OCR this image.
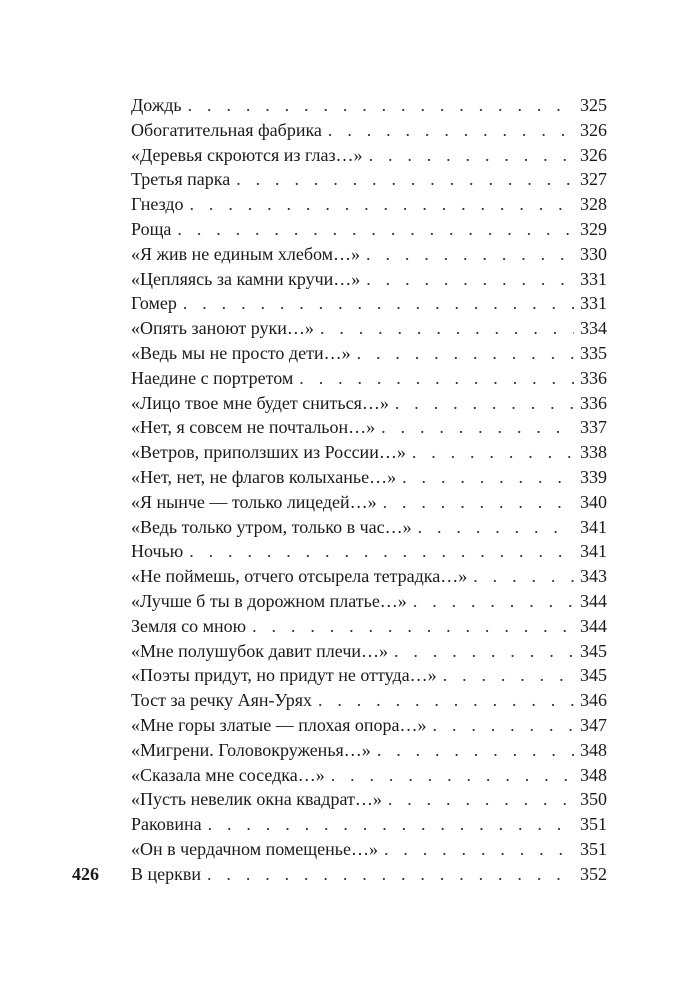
Дождь . . .	325
Обогатительная фабрика . . .	326
«Деревья скроются из глаз…» . . .	326
Третья парка . . .	327
Гнездо . . .	328
Роща . . .	329
«Я жив не единым хлебом…» . . .	330
«Цепляясь за камни кручи…» . . .	331
Гомер . . .	331
«Опять заноют руки…» . . .	334
«Ведь мы не просто дети…» . . .	335
Наедине с портретом . . .	336
«Лицо твое мне будет сниться…» . . .	336
«Нет, я совсем не почтальон…» . . .	337
«Ветров, приползших из России…» . . .	338
«Нет, нет, не флагов колыханье…» . . .	339
«Я нынче — только лицедей…» . . .	340
«Ведь только утром, только в час…» . . .	341
Ночью . . .	341
«Не поймешь, отчего отсырела тетрадка…» . . .	343
«Лучше б ты в дорожном платье…» . . .	344
Земля со мною . . .	344
«Мне полушубок давит плечи…» . . .	345
«Поэты придут, но придут не оттуда…» . . .	345
Тост за речку Аян-Урях . . .	346
«Мне горы златые — плохая опора…» . . .	347
«Мигрени. Головокруженья…» . . .	348
«Сказала мне соседка…» . . .	348
«Пусть невелик окна квадрат…» . . .	350
Раковина . . .	351
«Он в чердачном помещенье…» . . .	351
В церкви . . .	352
426
